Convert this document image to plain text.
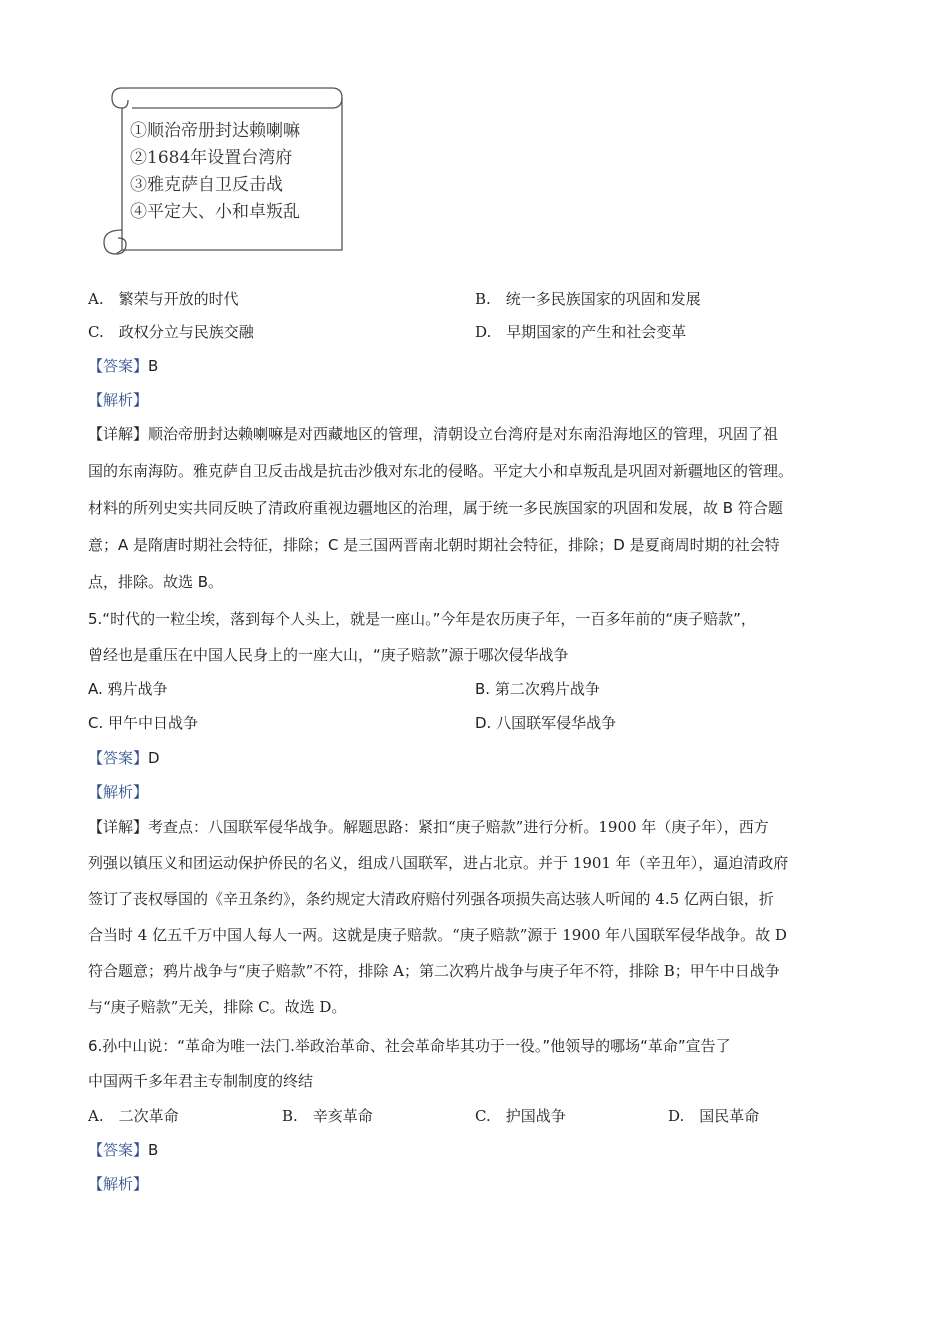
①顺治帝册封达赖喇嘛
②1684年设置台湾府
③雅克萨自卫反击战
④平定大、小和卓叛乱
A.　繁荣与开放的时代	B.　统一多民族国家的巩固和发展
C.　政权分立与民族交融	D.　早期国家的产生和社会变革
【答案】B
【解析】
【详解】顺治帝册封达赖喇嘛是对西藏地区的管理，清朝设立台湾府是对东南沿海地区的管理，巩固了祖
国的东南海防。雅克萨自卫反击战是抗击沙俄对东北的侵略。平定大小和卓叛乱是巩固对新疆地区的管理。
材料的所列史实共同反映了清政府重视边疆地区的治理，属于统一多民族国家的巩固和发展，故 B 符合题
意；A 是隋唐时期社会特征，排除；C 是三国两晋南北朝时期社会特征，排除；D 是夏商周时期的社会特
点，排除。故选 B。
5.“时代的一粒尘埃，落到每个人头上，就是一座山。”今年是农历庚子年，一百多年前的“庚子赔款”，
曾经也是重压在中国人民身上的一座大山，“庚子赔款”源于哪次侵华战争
A. 鸦片战争	B. 第二次鸦片战争
C. 甲午中日战争	D. 八国联军侵华战争
【答案】D
【解析】
【详解】考查点：八国联军侵华战争。解题思路：紧扣“庚子赔款”进行分析。1900 年（庚子年），西方
列强以镇压义和团运动保护侨民的名义，组成八国联军，进占北京。并于 1901 年（辛丑年），逼迫清政府
签订了丧权辱国的《辛丑条约》，条约规定大清政府赔付列强各项损失高达骇人听闻的 4.5 亿两白银，折
合当时 4 亿五千万中国人每人一两。这就是庚子赔款。“庚子赔款”源于 1900 年八国联军侵华战争。故 D
符合题意；鸦片战争与“庚子赔款”不符，排除 A；第二次鸦片战争与庚子年不符，排除 B；甲午中日战争
与“庚子赔款”无关，排除 C。故选 D。
6.孙中山说：“革命为唯一法门.举政治革命、社会革命毕其功于一役。”他领导的哪场“革命”宣告了
中国两千多年君主专制制度的终结
A.　二次革命	B.　辛亥革命	C.　护国战争	D.　国民革命
【答案】B
【解析】
